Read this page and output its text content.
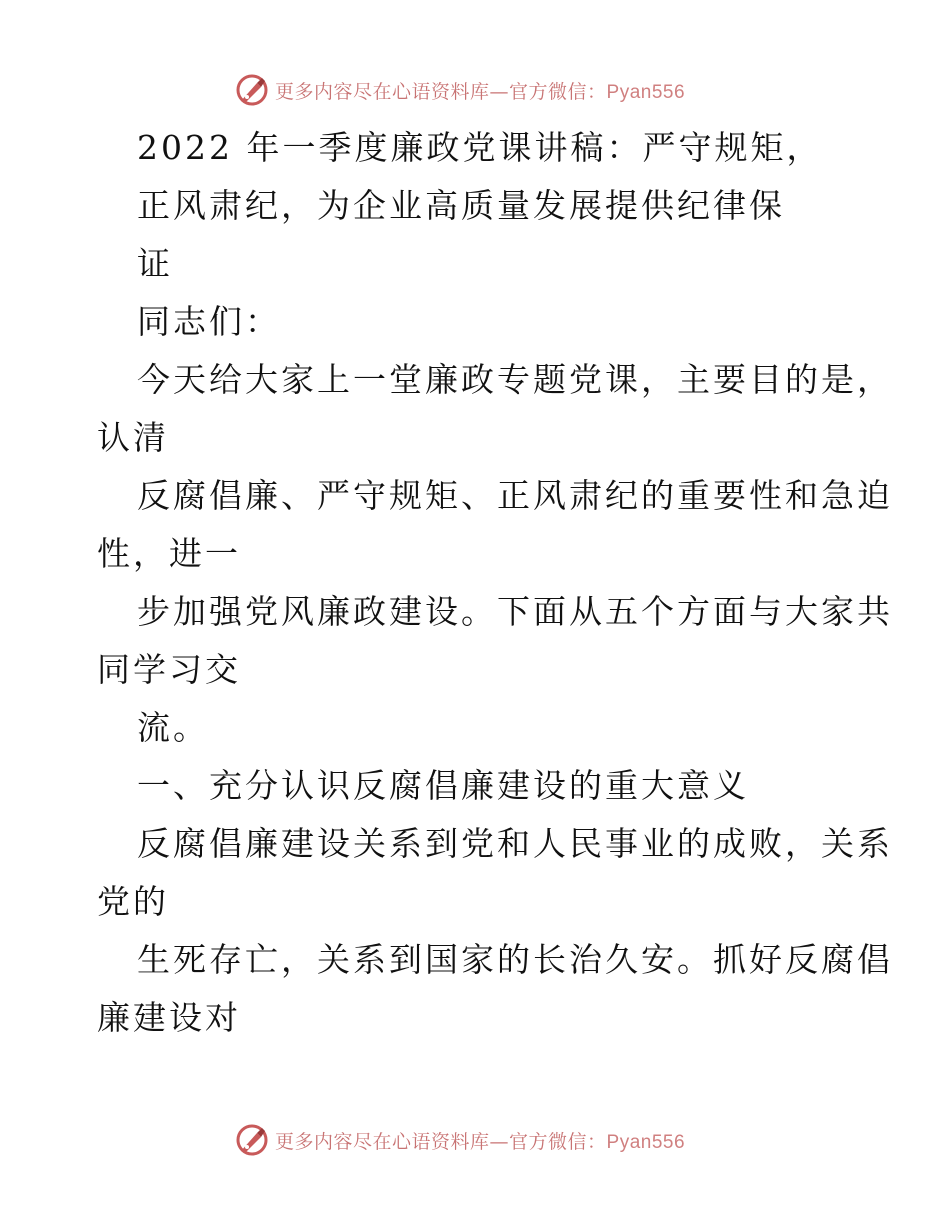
更多内容尽在心语资料库—官方微信：Pyan556
2022 年一季度廉政党课讲稿：严守规矩，
正风肃纪，为企业高质量发展提供纪律保
证
同志们：
今天给大家上一堂廉政专题党课，主要目的是，
认清
反腐倡廉、严守规矩、正风肃纪的重要性和急迫
性，进一
步加强党风廉政建设。下面从五个方面与大家共
同学习交
流。
一、充分认识反腐倡廉建设的重大意义
反腐倡廉建设关系到党和人民事业的成败，关系
党的
生死存亡，关系到国家的长治久安。抓好反腐倡
廉建设对
更多内容尽在心语资料库—官方微信：Pyan556
